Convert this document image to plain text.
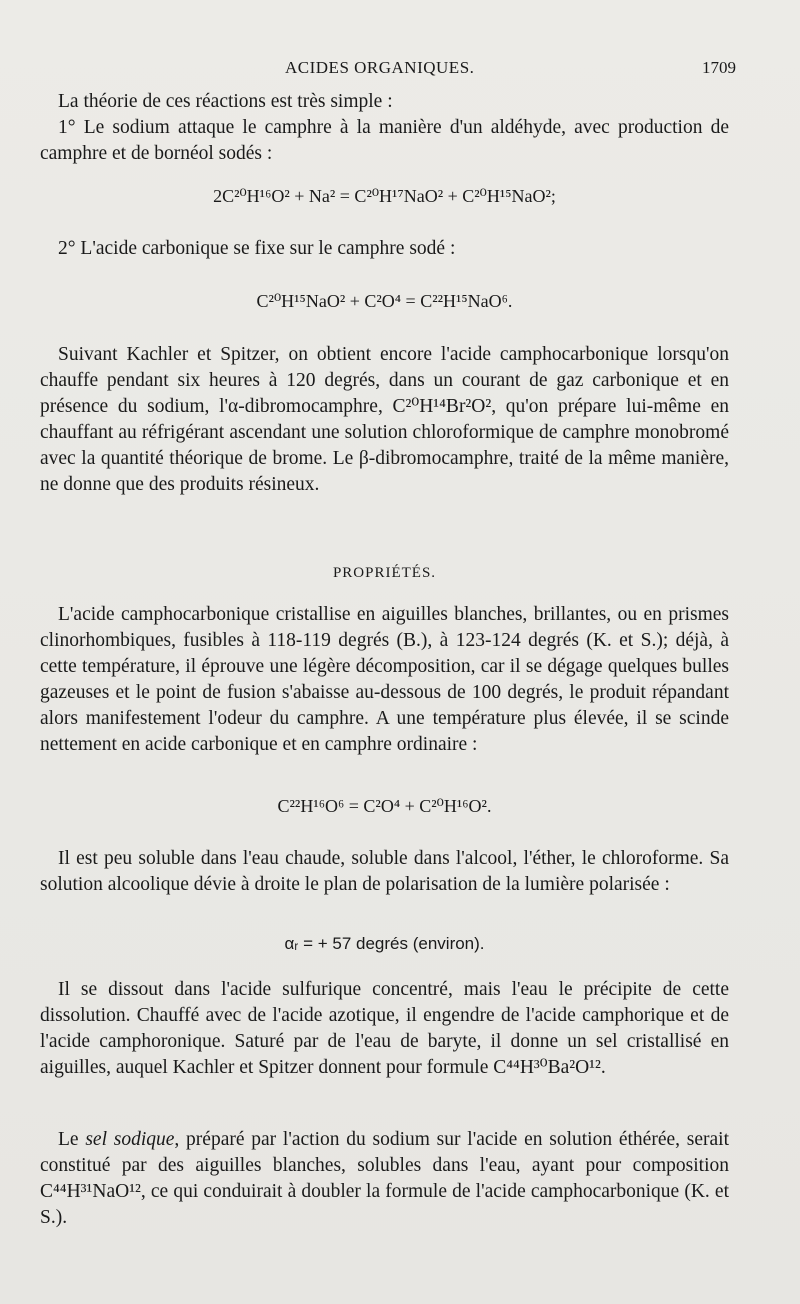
ACIDES ORGANIQUES.	1709

La théorie de ces réactions est très simple :

1° Le sodium attaque le camphre à la manière d'un aldéhyde, avec production de camphre et de bornéol sodés :

2C²⁰H¹⁶O² + Na² = C²⁰H¹⁷NaO² + C²⁰H¹⁵NaO²;

2° L'acide carbonique se fixe sur le camphre sodé :

C²⁰H¹⁵NaO² + C²O⁴ = C²²H¹⁵NaO⁶.

Suivant Kachler et Spitzer, on obtient encore l'acide camphocarbonique lorsqu'on chauffe pendant six heures à 120 degrés, dans un courant de gaz carbonique et en présence du sodium, l'α-dibromocamphre, C²⁰H¹⁴Br²O², qu'on prépare lui-même en chauffant au réfrigérant ascendant une solution chloroformique de camphre monobromé avec la quantité théorique de brome. Le β-dibromocamphre, traité de la même manière, ne donne que des produits résineux.

PROPRIÉTÉS.

L'acide camphocarbonique cristallise en aiguilles blanches, brillantes, ou en prismes clinorhombiques, fusibles à 118-119 degrés (B.), à 123-124 degrés (K. et S.); déjà, à cette température, il éprouve une légère décomposition, car il se dégage quelques bulles gazeuses et le point de fusion s'abaisse au-dessous de 100 degrés, le produit répandant alors manifestement l'odeur du camphre. A une température plus élevée, il se scinde nettement en acide carbonique et en camphre ordinaire :

C²²H¹⁶O⁶ = C²O⁴ + C²⁰H¹⁶O².

Il est peu soluble dans l'eau chaude, soluble dans l'alcool, l'éther, le chloroforme. Sa solution alcoolique dévie à droite le plan de polarisation de la lumière polarisée :

αᵣ = + 57 degrés (environ).

Il se dissout dans l'acide sulfurique concentré, mais l'eau le précipite de cette dissolution. Chauffé avec de l'acide azotique, il engendre de l'acide camphorique et de l'acide camphoronique. Saturé par de l'eau de baryte, il donne un sel cristallisé en aiguilles, auquel Kachler et Spitzer donnent pour formule C⁴⁴H³⁰Ba²O¹².

Le sel sodique, préparé par l'action du sodium sur l'acide en solution éthérée, serait constitué par des aiguilles blanches, solubles dans l'eau, ayant pour composition C⁴⁴H³¹NaO¹², ce qui conduirait à doubler la formule de l'acide camphocarbonique (K. et S.).
